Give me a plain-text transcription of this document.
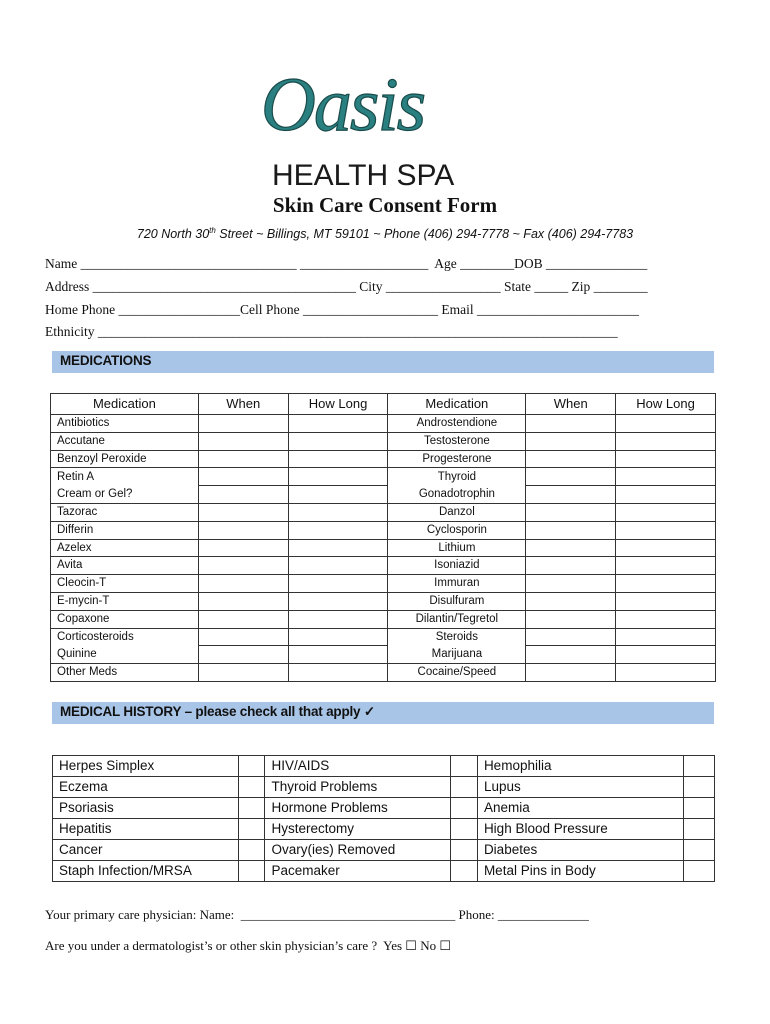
Oasis
HEALTH SPA
Skin Care Consent Form
720 North 30th Street ~ Billings, MT 59101 ~ Phone (406) 294-7778 ~ Fax (406) 294-7783
Name ________________________________ ___________________  Age ________DOB _______________
Address _______________________________________ City _________________ State _____ Zip ________
Home Phone __________________Cell Phone ____________________ Email ________________________
Ethnicity _____________________________________________________________________________
MEDICATIONS
Medication	When	How Long	Medication	When	How Long
Antibiotics			Androstendione		
Accutane			Testosterone		
Benzoyl Peroxide			Progesterone		
Retin A			Thyroid		
Cream or Gel?			Gonadotrophin		
Tazorac			Danzol		
Differin			Cyclosporin		
Azelex			Lithium		
Avita			Isoniazid		
Cleocin-T			Immuran		
E-mycin-T			Disulfuram		
Copaxone			Dilantin/Tegretol		
Corticosteroids			Steroids		
Quinine			Marijuana		
Other Meds			Cocaine/Speed		
MEDICAL HISTORY – please check all that apply ✓
Herpes Simplex		HIV/AIDS		Hemophilia	
Eczema		Thyroid Problems		Lupus	
Psoriasis		Hormone Problems		Anemia	
Hepatitis		Hysterectomy		High Blood Pressure	
Cancer		Ovary(ies) Removed		Diabetes	
Staph Infection/MRSA		Pacemaker		Metal Pins in Body	
Your primary care physician: Name:  _________________________________ Phone: ______________
Are you under a dermatologist’s or other skin physician’s care ?  Yes ☐ No ☐
